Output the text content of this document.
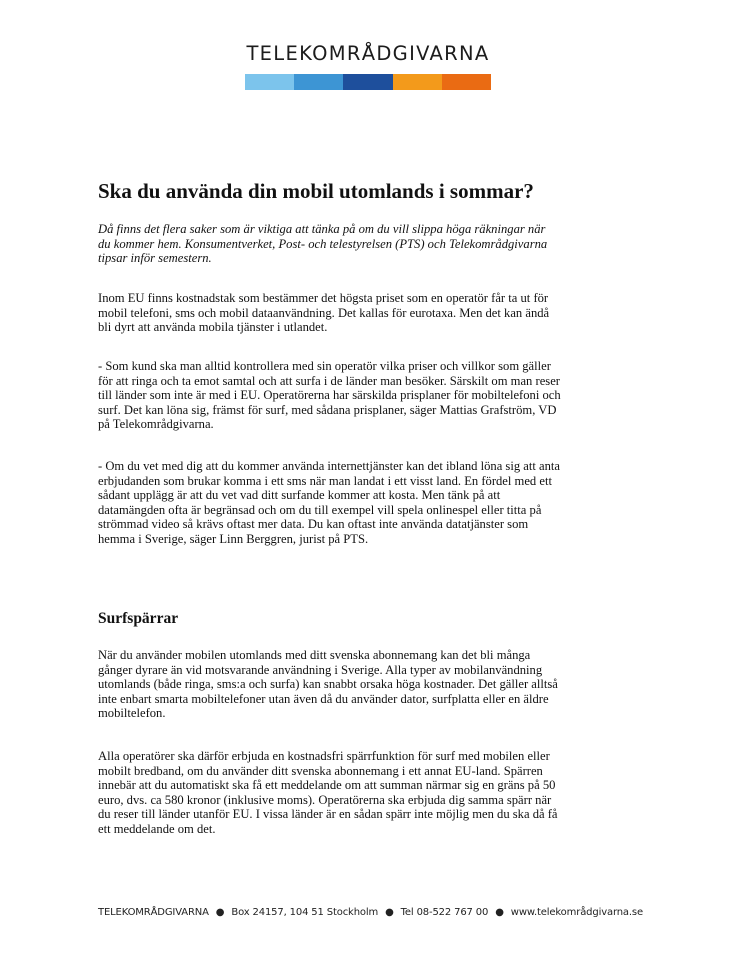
TELEKOMRÅDGIVARNA
Ska du använda din mobil utomlands i sommar?

Då finns det flera saker som är viktiga att tänka på om du vill slippa höga räkningar när
du kommer hem. Konsumentverket, Post- och telestyrelsen (PTS) och Telekområdgivarna
tipsar inför semestern.

Inom EU finns kostnadstak som bestämmer det högsta priset som en operatör får ta ut för
mobil telefoni, sms och mobil dataanvändning. Det kallas för eurotaxa. Men det kan ändå
bli dyrt att använda mobila tjänster i utlandet.

- Som kund ska man alltid kontrollera med sin operatör vilka priser och villkor som gäller
för att ringa och ta emot samtal och att surfa i de länder man besöker. Särskilt om man reser
till länder som inte är med i EU. Operatörerna har särskilda prisplaner för mobiltelefoni och
surf. Det kan löna sig, främst för surf, med sådana prisplaner, säger Mattias Grafström, VD
på Telekområdgivarna.

- Om du vet med dig att du kommer använda internettjänster kan det ibland löna sig att anta
erbjudanden som brukar komma i ett sms när man landat i ett visst land. En fördel med ett
sådant upplägg är att du vet vad ditt surfande kommer att kosta. Men tänk på att
datamängden ofta är begränsad och om du till exempel vill spela onlinespel eller titta på
strömmad video så krävs oftast mer data. Du kan oftast inte använda datatjänster som
hemma i Sverige, säger Linn Berggren, jurist på PTS.

Surfspärrar

När du använder mobilen utomlands med ditt svenska abonnemang kan det bli många
gånger dyrare än vid motsvarande användning i Sverige. Alla typer av mobilanvändning
utomlands (både ringa, sms:a och surfa) kan snabbt orsaka höga kostnader. Det gäller alltså
inte enbart smarta mobiltelefoner utan även då du använder dator, surfplatta eller en äldre
mobiltelefon.

Alla operatörer ska därför erbjuda en kostnadsfri spärrfunktion för surf med mobilen eller
mobilt bredband, om du använder ditt svenska abonnemang i ett annat EU-land. Spärren
innebär att du automatiskt ska få ett meddelande om att summan närmar sig en gräns på 50
euro, dvs. ca 580 kronor (inklusive moms). Operatörerna ska erbjuda dig samma spärr när
du reser till länder utanför EU. I vissa länder är en sådan spärr inte möjlig men du ska då få
ett meddelande om det.

TELEKOMRÅDGIVARNA ● Box 24157, 104 51 Stockholm ● Tel 08-522 767 00 ● www.telekområdgivarna.se
